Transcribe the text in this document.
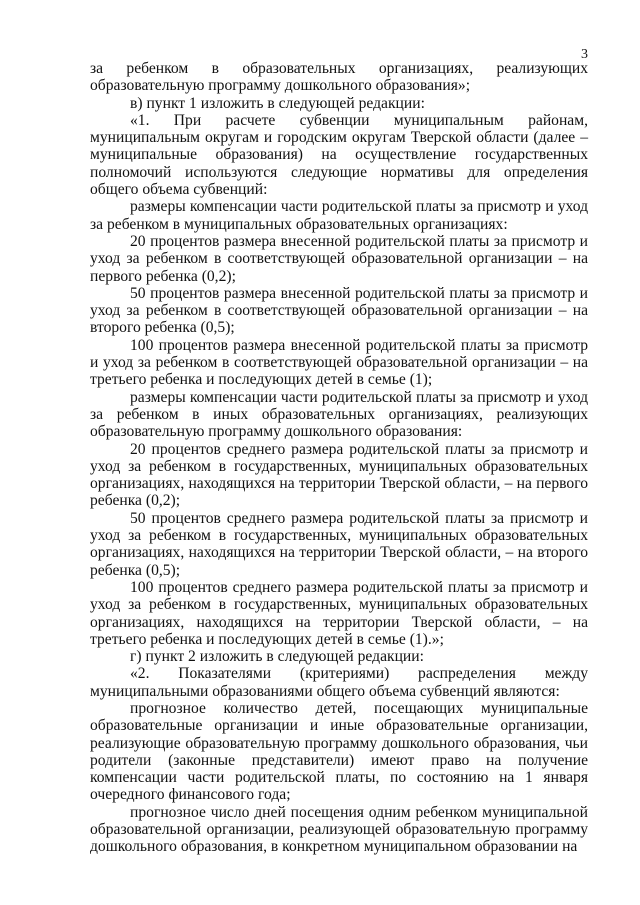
3

за ребенком в образовательных организациях, реализующих образовательную программу дошкольного образования»;

в) пункт 1 изложить в следующей редакции:

«1. При расчете субвенции муниципальным районам, муниципальным округам и городским округам Тверской области (далее – муниципальные образования) на осуществление государственных полномочий используются следующие нормативы для определения общего объема субвенций:

размеры компенсации части родительской платы за присмотр и уход за ребенком в муниципальных образовательных организациях:

20 процентов размера внесенной родительской платы за присмотр и уход за ребенком в соответствующей образовательной организации – на первого ребенка (0,2);

50 процентов размера внесенной родительской платы за присмотр и уход за ребенком в соответствующей образовательной организации – на второго ребенка (0,5);

100 процентов размера внесенной родительской платы за присмотр и уход за ребенком в соответствующей образовательной организации – на третьего ребенка и последующих детей в семье (1);

размеры компенсации части родительской платы за присмотр и уход за ребенком в иных образовательных организациях, реализующих образовательную программу дошкольного образования:

20 процентов среднего размера родительской платы за присмотр и уход за ребенком в государственных, муниципальных образовательных организациях, находящихся на территории Тверской области, – на первого ребенка (0,2);

50 процентов среднего размера родительской платы за присмотр и уход за ребенком в государственных, муниципальных образовательных организациях, находящихся на территории Тверской области, – на второго ребенка (0,5);

100 процентов среднего размера родительской платы за присмотр и уход за ребенком в государственных, муниципальных образовательных организациях, находящихся на территории Тверской области, – на третьего ребенка и последующих детей в семье (1).»;

г) пункт 2 изложить в следующей редакции:

«2. Показателями (критериями) распределения между муниципальными образованиями общего объема субвенций являются:

прогнозное количество детей, посещающих муниципальные образовательные организации и иные образовательные организации, реализующие образовательную программу дошкольного образования, чьи родители (законные представители) имеют право на получение компенсации части родительской платы, по состоянию на 1 января очередного финансового года;

прогнозное число дней посещения одним ребенком муниципальной образовательной организации, реализующей образовательную программу дошкольного образования, в конкретном муниципальном образовании на
